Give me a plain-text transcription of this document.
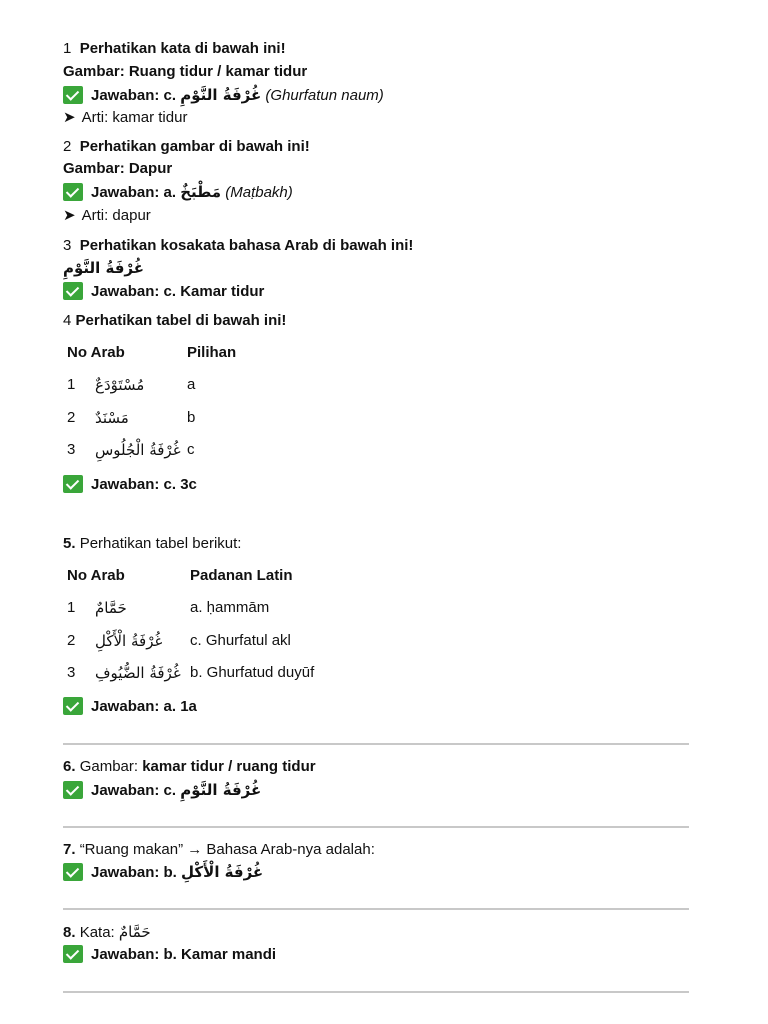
1 Perhatikan kata di bawah ini!
Gambar: Ruang tidur / kamar tidur
Jawaban: c. غُرْفَةُ النَّوْمِ (Ghurfatun naum)
➤ Arti: kamar tidur
2 Perhatikan gambar di bawah ini!
Gambar: Dapur
Jawaban: a. مَطْبَخٌ (Maṭbakh)
➤ Arti: dapur
3 Perhatikan kosakata bahasa Arab di bawah ini!
غُرْفَةُ النَّوْمِ
Jawaban: c. Kamar tidur
4 Perhatikan tabel di bawah ini!
No Arab	Pilihan
1 مُسْتَوْدَعٌ	a
2 مَسْنَدٌ	b
3 غُرْفَةُ الْجُلُوسِ c
Jawaban: c. 3c
5. Perhatikan tabel berikut:
No Arab	Padanan Latin
1 حَمَّامٌ	a. ḥammām
2 غُرْفَةُ الْأَكْلِ c. Ghurfatul akl
3 غُرْفَةُ الضُّيُوفِ b. Ghurfatud duyūf
Jawaban: a. 1a
6. Gambar: kamar tidur / ruang tidur
Jawaban: c. غُرْفَةُ النَّوْمِ
7. “Ruang makan” → Bahasa Arab-nya adalah:
Jawaban: b. غُرْفَةُ الْأَكْلِ
8. Kata: حَمَّامٌ
Jawaban: b. Kamar mandi
